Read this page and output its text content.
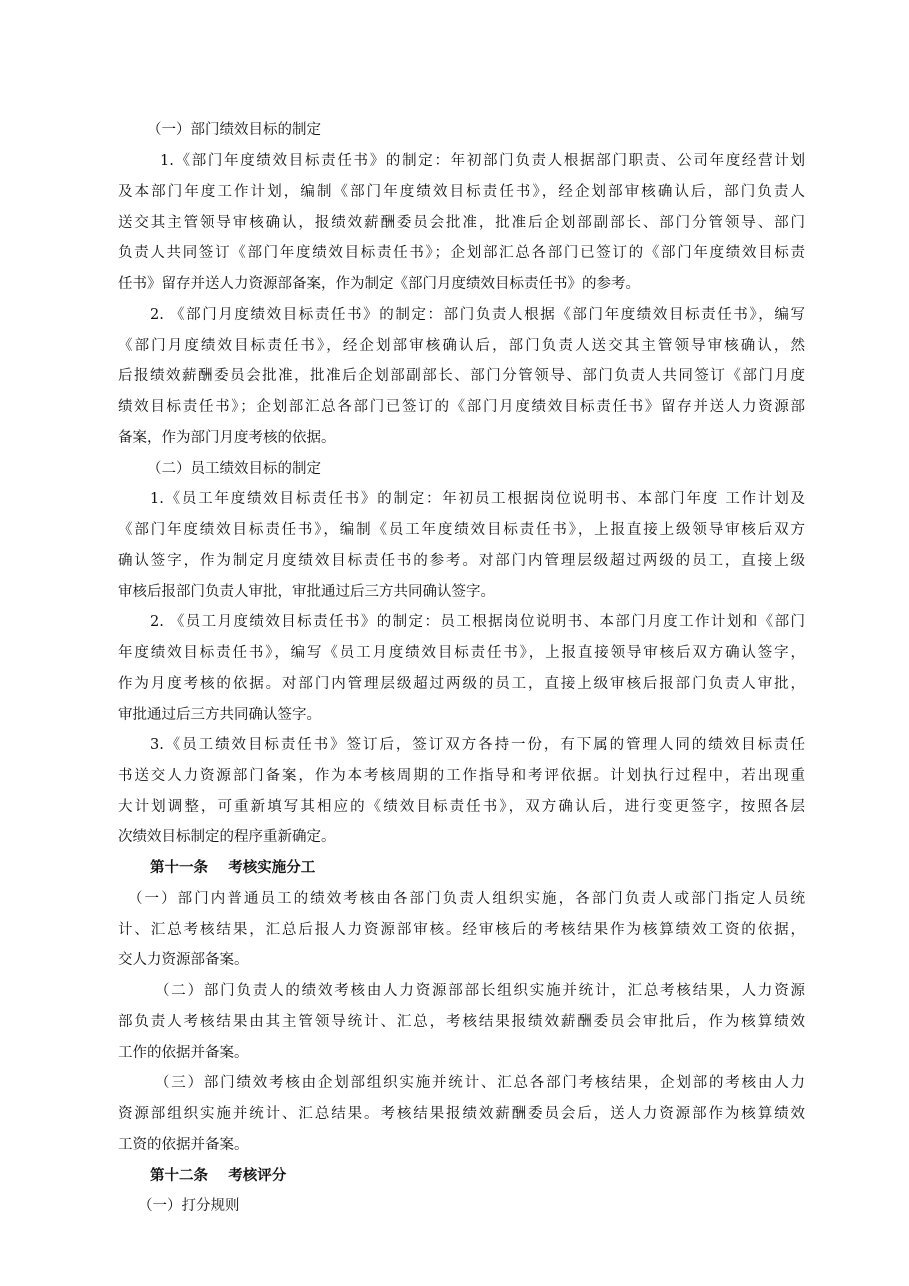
（一）部门绩效目标的制定
1.《部门年度绩效目标责任书》的制定：年初部门负责人根据部门职责、公司年度经营计划
及本部门年度工作计划，编制《部门年度绩效目标责任书》，经企划部审核确认后，部门负责人
送交其主管领导审核确认，报绩效薪酬委员会批准，批准后企划部副部长、部门分管领导、部门
负责人共同签订《部门年度绩效目标责任书》；企划部汇总各部门已签订的《部门年度绩效目标责
任书》留存并送人力资源部备案，作为制定《部门月度绩效目标责任书》的参考。
2. 《部门月度绩效目标责任书》的制定：部门负责人根据《部门年度绩效目标责任书》，编写
《部门月度绩效目标责任书》，经企划部审核确认后，部门负责人送交其主管领导审核确认，然
后报绩效薪酬委员会批准，批准后企划部副部长、部门分管领导、部门负责人共同签订《部门月度
绩效目标责任书》；企划部汇总各部门已签订的《部门月度绩效目标责任书》留存并送人力资源部
备案，作为部门月度考核的依据。
（二）员工绩效目标的制定
1.《员工年度绩效目标责任书》的制定：年初员工根据岗位说明书、本部门年度 工作计划及
《部门年度绩效目标责任书》，编制《员工年度绩效目标责任书》，上报直接上级领导审核后双方
确认签字，作为制定月度绩效目标责任书的参考。对部门内管理层级超过两级的员工，直接上级
审核后报部门负责人审批，审批通过后三方共同确认签字。
2. 《员工月度绩效目标责任书》的制定：员工根据岗位说明书、本部门月度工作计划和《部门
年度绩效目标责任书》，编写《员工月度绩效目标责任书》，上报直接领导审核后双方确认签字，
作为月度考核的依据。对部门内管理层级超过两级的员工，直接上级审核后报部门负责人审批，
审批通过后三方共同确认签字。
3.《员工绩效目标责任书》签订后，签订双方各持一份，有下属的管理人同的绩效目标责任
书送交人力资源部门备案，作为本考核周期的工作指导和考评依据。计划执行过程中，若出现重
大计划调整，可重新填写其相应的《绩效目标责任书》，双方确认后，进行变更签字，按照各层
次绩效目标制定的程序重新确定。
第十一条    考核实施分工
（一）部门内普通员工的绩效考核由各部门负责人组织实施，各部门负责人或部门指定人员统
计、汇总考核结果，汇总后报人力资源部审核。经审核后的考核结果作为核算绩效工资的依据，
交人力资源部备案。
（二）部门负责人的绩效考核由人力资源部部长组织实施并统计，汇总考核结果，人力资源
部负责人考核结果由其主管领导统计、汇总，考核结果报绩效薪酬委员会审批后，作为核算绩效
工作的依据并备案。
（三）部门绩效考核由企划部组织实施并统计、汇总各部门考核结果，企划部的考核由人力
资源部组织实施并统计、汇总结果。考核结果报绩效薪酬委员会后，送人力资源部作为核算绩效
工资的依据并备案。
第十二条    考核评分
（一）打分规则
